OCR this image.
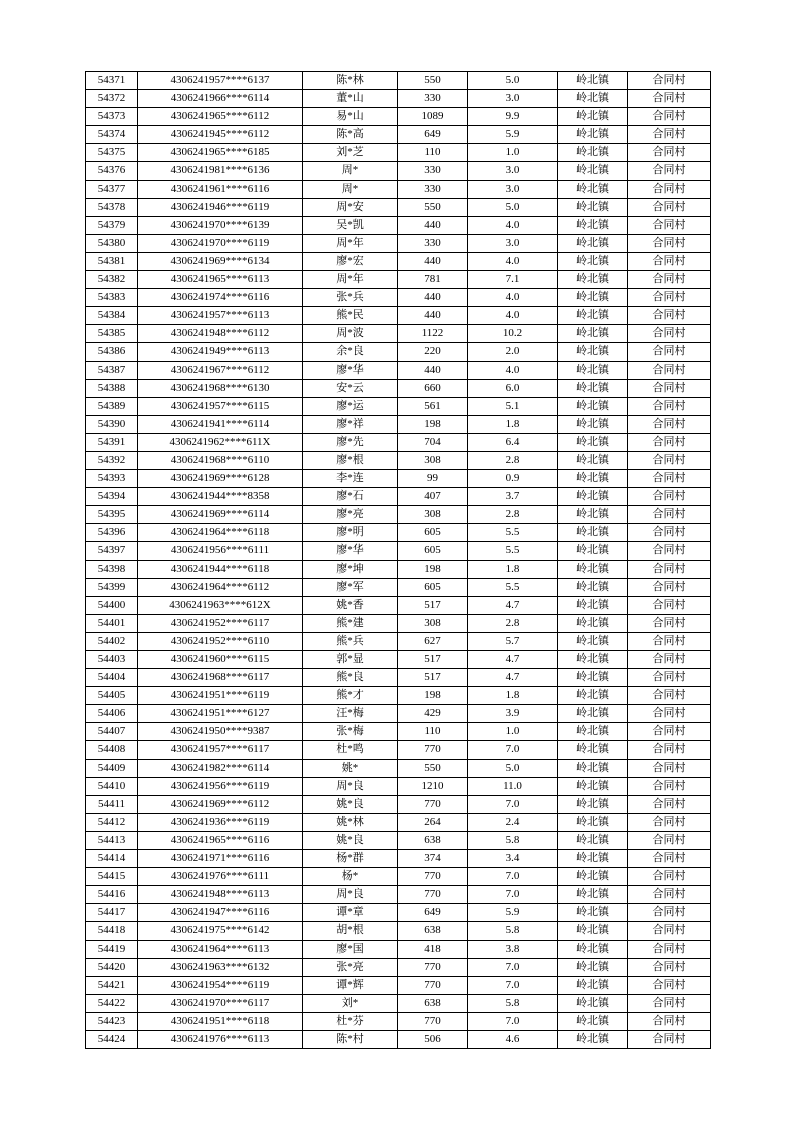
54371	4306241957****6137	陈*林	550	5.0	岭北镇	合同村
54372	4306241966****6114	董*山	330	3.0	岭北镇	合同村
54373	4306241965****6112	易*山	1089	9.9	岭北镇	合同村
54374	4306241945****6112	陈*高	649	5.9	岭北镇	合同村
54375	4306241965****6185	刘*芝	110	1.0	岭北镇	合同村
54376	4306241981****6136	周*	330	3.0	岭北镇	合同村
54377	4306241961****6116	周*	330	3.0	岭北镇	合同村
54378	4306241946****6119	周*安	550	5.0	岭北镇	合同村
54379	4306241970****6139	吴*凯	440	4.0	岭北镇	合同村
54380	4306241970****6119	周*年	330	3.0	岭北镇	合同村
54381	4306241969****6134	廖*宏	440	4.0	岭北镇	合同村
54382	4306241965****6113	周*年	781	7.1	岭北镇	合同村
54383	4306241974****6116	张*兵	440	4.0	岭北镇	合同村
54384	4306241957****6113	熊*民	440	4.0	岭北镇	合同村
54385	4306241948****6112	周*波	1122	10.2	岭北镇	合同村
54386	4306241949****6113	余*良	220	2.0	岭北镇	合同村
54387	4306241967****6112	廖*华	440	4.0	岭北镇	合同村
54388	4306241968****6130	安*云	660	6.0	岭北镇	合同村
54389	4306241957****6115	廖*运	561	5.1	岭北镇	合同村
54390	4306241941****6114	廖*祥	198	1.8	岭北镇	合同村
54391	4306241962****611X	廖*先	704	6.4	岭北镇	合同村
54392	4306241968****6110	廖*根	308	2.8	岭北镇	合同村
54393	4306241969****6128	李*连	99	0.9	岭北镇	合同村
54394	4306241944****8358	廖*石	407	3.7	岭北镇	合同村
54395	4306241969****6114	廖*亮	308	2.8	岭北镇	合同村
54396	4306241964****6118	廖*明	605	5.5	岭北镇	合同村
54397	4306241956****6111	廖*华	605	5.5	岭北镇	合同村
54398	4306241944****6118	廖*坤	198	1.8	岭北镇	合同村
54399	4306241964****6112	廖*军	605	5.5	岭北镇	合同村
54400	4306241963****612X	姚*香	517	4.7	岭北镇	合同村
54401	4306241952****6117	熊*建	308	2.8	岭北镇	合同村
54402	4306241952****6110	熊*兵	627	5.7	岭北镇	合同村
54403	4306241960****6115	郭*显	517	4.7	岭北镇	合同村
54404	4306241968****6117	熊*良	517	4.7	岭北镇	合同村
54405	4306241951****6119	熊*才	198	1.8	岭北镇	合同村
54406	4306241951****6127	汪*梅	429	3.9	岭北镇	合同村
54407	4306241950****9387	张*梅	110	1.0	岭北镇	合同村
54408	4306241957****6117	杜*鸣	770	7.0	岭北镇	合同村
54409	4306241982****6114	姚*	550	5.0	岭北镇	合同村
54410	4306241956****6119	周*良	1210	11.0	岭北镇	合同村
54411	4306241969****6112	姚*良	770	7.0	岭北镇	合同村
54412	4306241936****6119	姚*林	264	2.4	岭北镇	合同村
54413	4306241965****6116	姚*良	638	5.8	岭北镇	合同村
54414	4306241971****6116	杨*群	374	3.4	岭北镇	合同村
54415	4306241976****6111	杨*	770	7.0	岭北镇	合同村
54416	4306241948****6113	周*良	770	7.0	岭北镇	合同村
54417	4306241947****6116	谭*章	649	5.9	岭北镇	合同村
54418	4306241975****6142	胡*根	638	5.8	岭北镇	合同村
54419	4306241964****6113	廖*国	418	3.8	岭北镇	合同村
54420	4306241963****6132	张*亮	770	7.0	岭北镇	合同村
54421	4306241954****6119	谭*辉	770	7.0	岭北镇	合同村
54422	4306241970****6117	刘*	638	5.8	岭北镇	合同村
54423	4306241951****6118	杜*芬	770	7.0	岭北镇	合同村
54424	4306241976****6113	陈*村	506	4.6	岭北镇	合同村
